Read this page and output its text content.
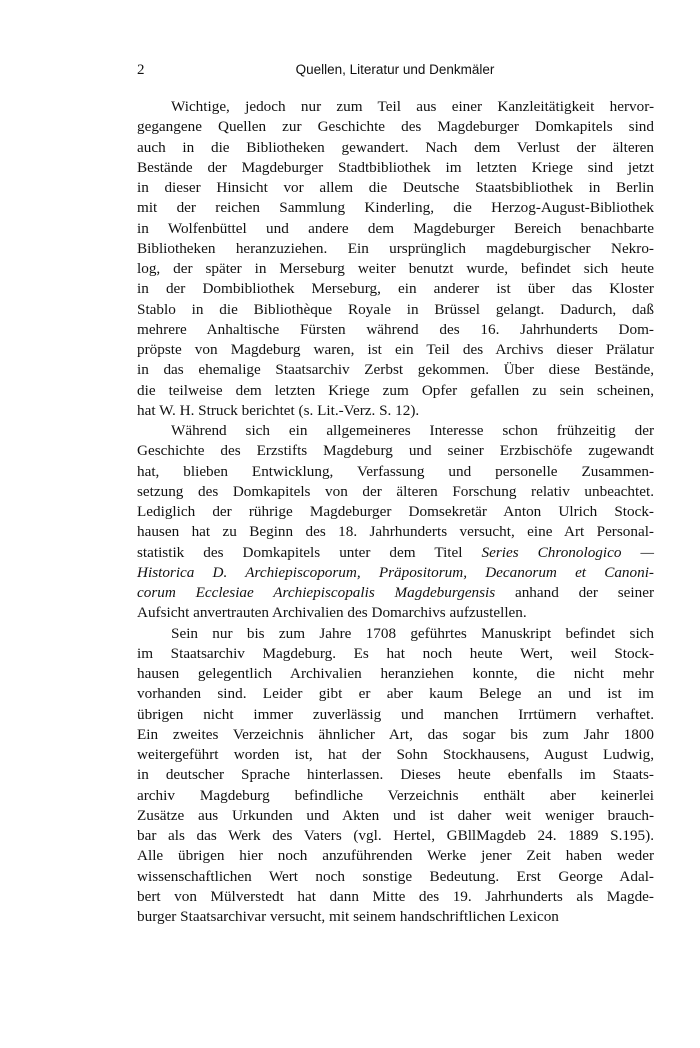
2	Quellen, Literatur und Denkmäler
Wichtige, jedoch nur zum Teil aus einer Kanzleitätigkeit hervor-
gegangene Quellen zur Geschichte des Magdeburger Domkapitels sind
auch in die Bibliotheken gewandert. Nach dem Verlust der älteren
Bestände der Magdeburger Stadtbibliothek im letzten Kriege sind jetzt
in dieser Hinsicht vor allem die Deutsche Staatsbibliothek in Berlin
mit der reichen Sammlung Kinderling, die Herzog-August-Bibliothek
in Wolfenbüttel und andere dem Magdeburger Bereich benachbarte
Bibliotheken heranzuziehen. Ein ursprünglich magdeburgischer Nekro-
log, der später in Merseburg weiter benutzt wurde, befindet sich heute
in der Dombibliothek Merseburg, ein anderer ist über das Kloster
Stablo in die Bibliothèque Royale in Brüssel gelangt. Dadurch, daß
mehrere Anhaltische Fürsten während des 16. Jahrhunderts Dom-
pröpste von Magdeburg waren, ist ein Teil des Archivs dieser Prälatur
in das ehemalige Staatsarchiv Zerbst gekommen. Über diese Bestände,
die teilweise dem letzten Kriege zum Opfer gefallen zu sein scheinen,
hat W. H. Struck berichtet (s. Lit.-Verz. S. 12).
Während sich ein allgemeineres Interesse schon frühzeitig der
Geschichte des Erzstifts Magdeburg und seiner Erzbischöfe zugewandt
hat, blieben Entwicklung, Verfassung und personelle Zusammen-
setzung des Domkapitels von der älteren Forschung relativ unbeachtet.
Lediglich der rührige Magdeburger Domsekretär Anton Ulrich Stock-
hausen hat zu Beginn des 18. Jahrhunderts versucht, eine Art Personal-
statistik des Domkapitels unter dem Titel Series Chronologico —
Historica D. Archiepiscoporum, Präpositorum, Decanorum et Canoni-
corum Ecclesiae Archiepiscopalis Magdeburgensis anhand der seiner
Aufsicht anvertrauten Archivalien des Domarchivs aufzustellen.
Sein nur bis zum Jahre 1708 geführtes Manuskript befindet sich
im Staatsarchiv Magdeburg. Es hat noch heute Wert, weil Stock-
hausen gelegentlich Archivalien heranziehen konnte, die nicht mehr
vorhanden sind. Leider gibt er aber kaum Belege an und ist im
übrigen nicht immer zuverlässig und manchen Irrtümern verhaftet.
Ein zweites Verzeichnis ähnlicher Art, das sogar bis zum Jahr 1800
weitergeführt worden ist, hat der Sohn Stockhausens, August Ludwig,
in deutscher Sprache hinterlassen. Dieses heute ebenfalls im Staats-
archiv Magdeburg befindliche Verzeichnis enthält aber keinerlei
Zusätze aus Urkunden und Akten und ist daher weit weniger brauch-
bar als das Werk des Vaters (vgl. Hertel, GBllMagdeb 24. 1889 S.195).
Alle übrigen hier noch anzuführenden Werke jener Zeit haben weder
wissenschaftlichen Wert noch sonstige Bedeutung. Erst George Adal-
bert von Mülverstedt hat dann Mitte des 19. Jahrhunderts als Magde-
burger Staatsarchivar versucht, mit seinem handschriftlichen Lexicon
